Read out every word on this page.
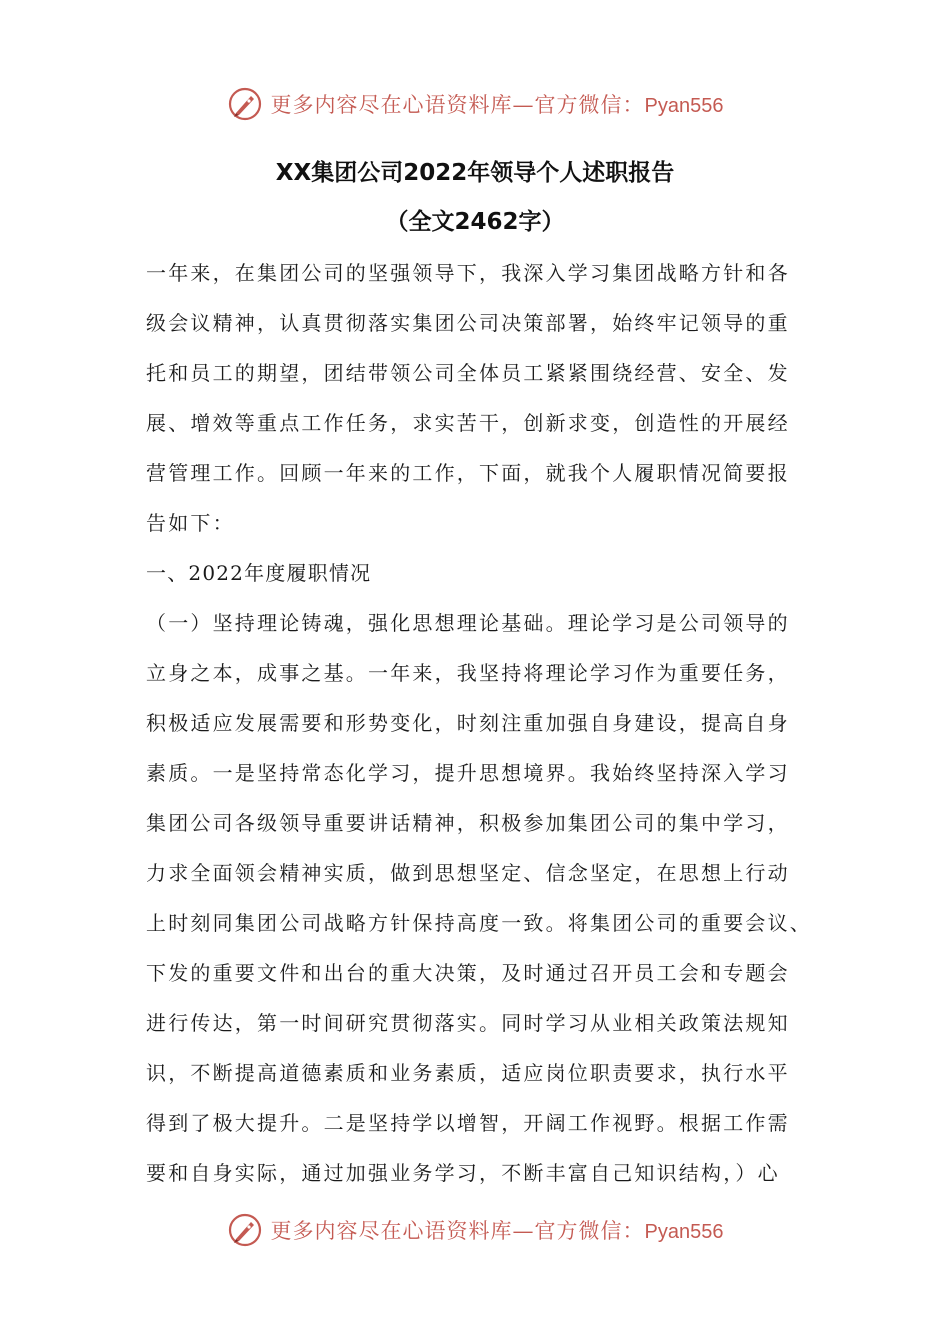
更多内容尽在心语资料库—官方微信：Pyan556
XX集团公司2022年领导个人述职报告
（全文2462字）
一年来，在集团公司的坚强领导下，我深入学习集团战略方针和各
级会议精神，认真贯彻落实集团公司决策部署，始终牢记领导的重
托和员工的期望，团结带领公司全体员工紧紧围绕经营、安全、发
展、增效等重点工作任务，求实苦干，创新求变，创造性的开展经
营管理工作。回顾一年来的工作，下面，就我个人履职情况简要报
告如下：
一、2022年度履职情况
（一）坚持理论铸魂，强化思想理论基础。理论学习是公司领导的
立身之本，成事之基。一年来，我坚持将理论学习作为重要任务，
积极适应发展需要和形势变化，时刻注重加强自身建设，提高自身
素质。一是坚持常态化学习，提升思想境界。我始终坚持深入学习
集团公司各级领导重要讲话精神，积极参加集团公司的集中学习，
力求全面领会精神实质，做到思想坚定、信念坚定，在思想上行动
上时刻同集团公司战略方针保持高度一致。将集团公司的重要会议、
下发的重要文件和出台的重大决策，及时通过召开员工会和专题会
进行传达，第一时间研究贯彻落实。同时学习从业相关政策法规知
识，不断提高道德素质和业务素质，适应岗位职责要求，执行水平
得到了极大提升。二是坚持学以增智，开阔工作视野。根据工作需
要和自身实际，通过加强业务学习，不断丰富自己知识结构，）心
更多内容尽在心语资料库—官方微信：Pyan556
